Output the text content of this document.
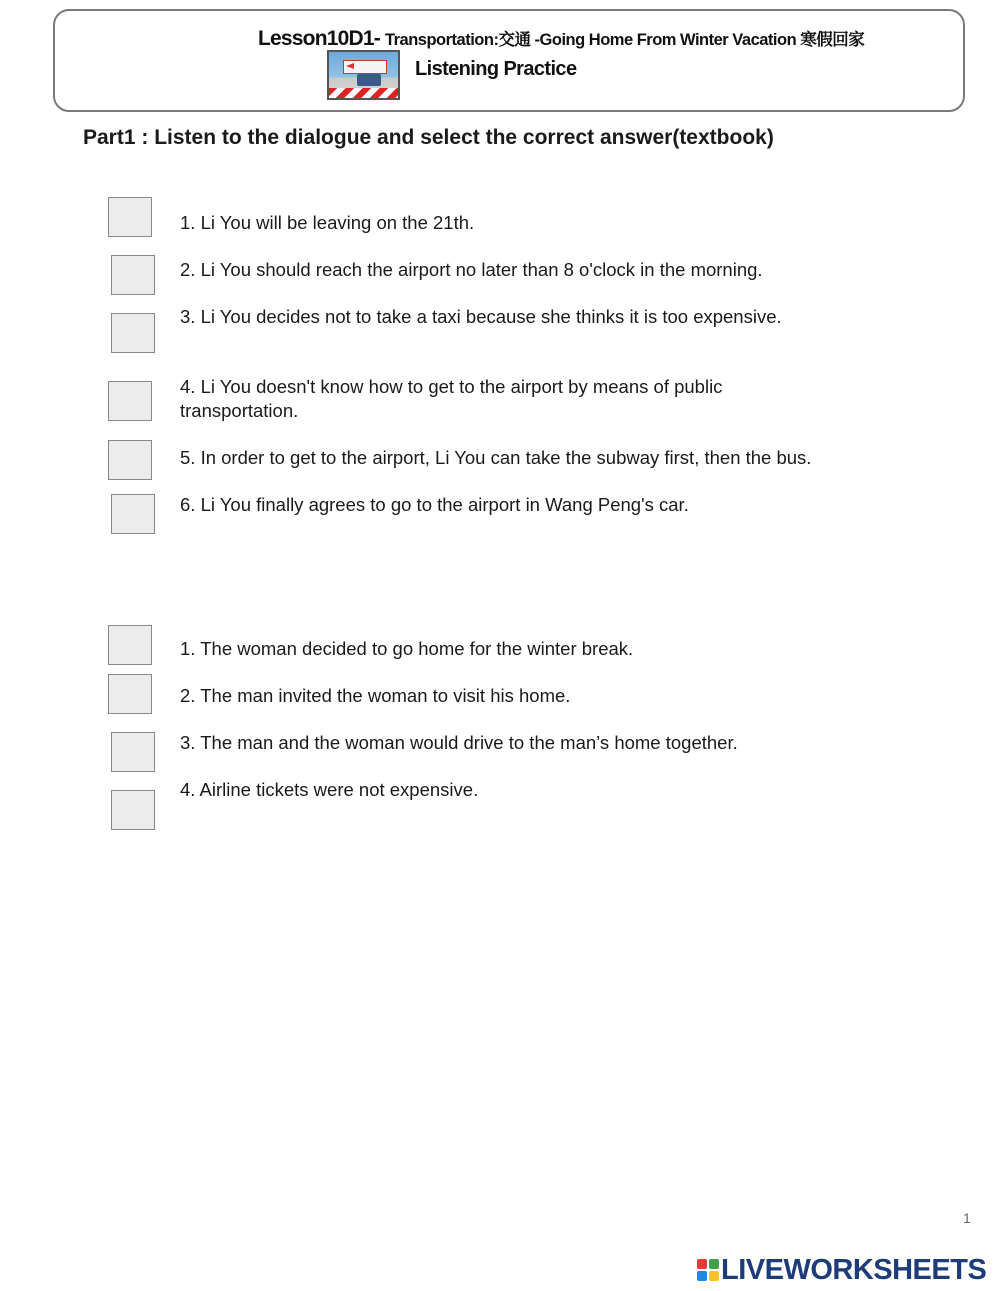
Lesson10D1- Transportation:交通 -Going Home From Winter Vacation 寒假回家
Listening Practice
Part1 : Listen to the dialogue and select the correct answer(textbook)
1. Li You will be leaving on the 21th.
2. Li You should reach the airport no later than 8 o'clock in the morning.
3. Li You decides not to take a taxi because she thinks it is too expensive.
4. Li You doesn't know how to get to the airport by means of public
transportation.
5. In order to get to the airport, Li You can take the subway first, then the bus.
6. Li You finally agrees to go to the airport in Wang Peng's car.
1. The woman decided to go home for the winter break.
2. The man invited the woman to visit his home.
3. The man and the woman would drive to the man’s home together.
4. Airline tickets were not expensive.
1
LIVEWORKSHEETS
